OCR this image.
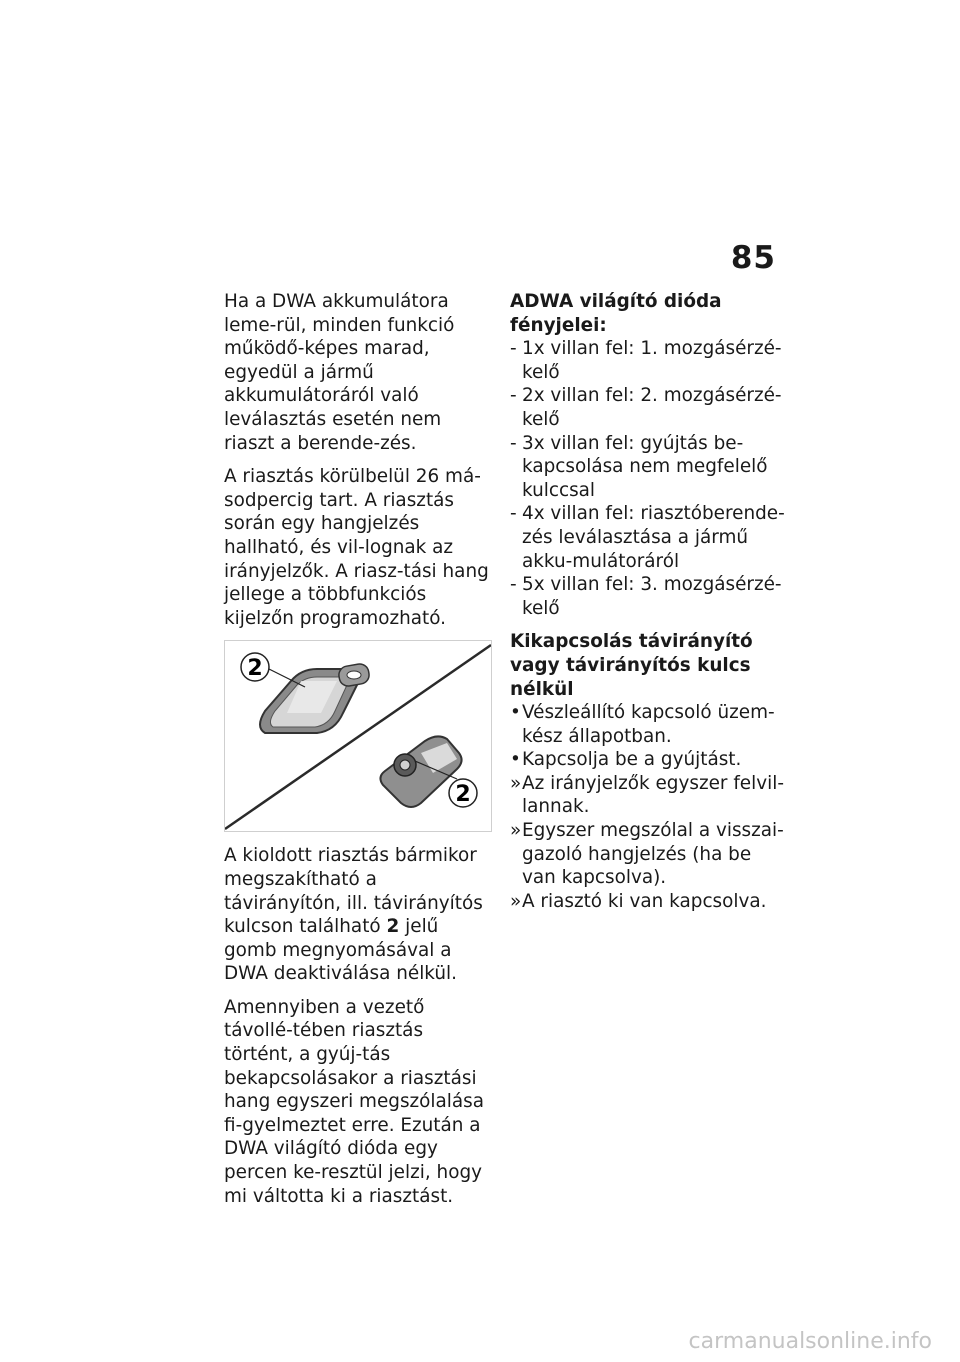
85

Ha a DWA akkumulátora leme-rül, minden funkció működő-képes marad, egyedül a jármű akkumulátoráról való leválasztás esetén nem riaszt a berende-zés.

A riasztás körülbelül 26 má-sodpercig tart. A riasztás során egy hangjelzés hallható, és vil-lognak az irányjelzők. A riasz-tási hang jellege a többfunkciós kijelzőn programozható.

2
2

A kioldott riasztás bármikor megszakítható a távirányítón, ill. távirányítós kulcson található 2 jelű gomb megnyomásával a DWA deaktiválása nélkül.

Amennyiben a vezető távollé-tében riasztás történt, a gyúj-tás bekapcsolásakor a riasztási hang egyszeri megszólalása fi-gyelmeztet erre. Ezután a DWA világító dióda egy percen ke-resztül jelzi, hogy mi váltotta ki a riasztást.

ADWA világító dióda fényjelei:

- 1x villan fel: 1. mozgásérzé-kelő

- 2x villan fel: 2. mozgásérzé-kelő

- 3x villan fel: gyújtás be-kapcsolása nem megfelelő kulccsal

- 4x villan fel: riasztóberende-zés leválasztása a jármű akku-mulátoráról

- 5x villan fel: 3. mozgásérzé-kelő

Kikapcsolás távirányító vagy távirányítós kulcs nélkül

• Vészleállító kapcsoló üzem-kész állapotban.

• Kapcsolja be a gyújtást.

» Az irányjelzők egyszer felvil-lannak.

» Egyszer megszólal a visszai-gazoló hangjelzés (ha be van kapcsolva).

» A riasztó ki van kapcsolva.

carmanualsonline.info
